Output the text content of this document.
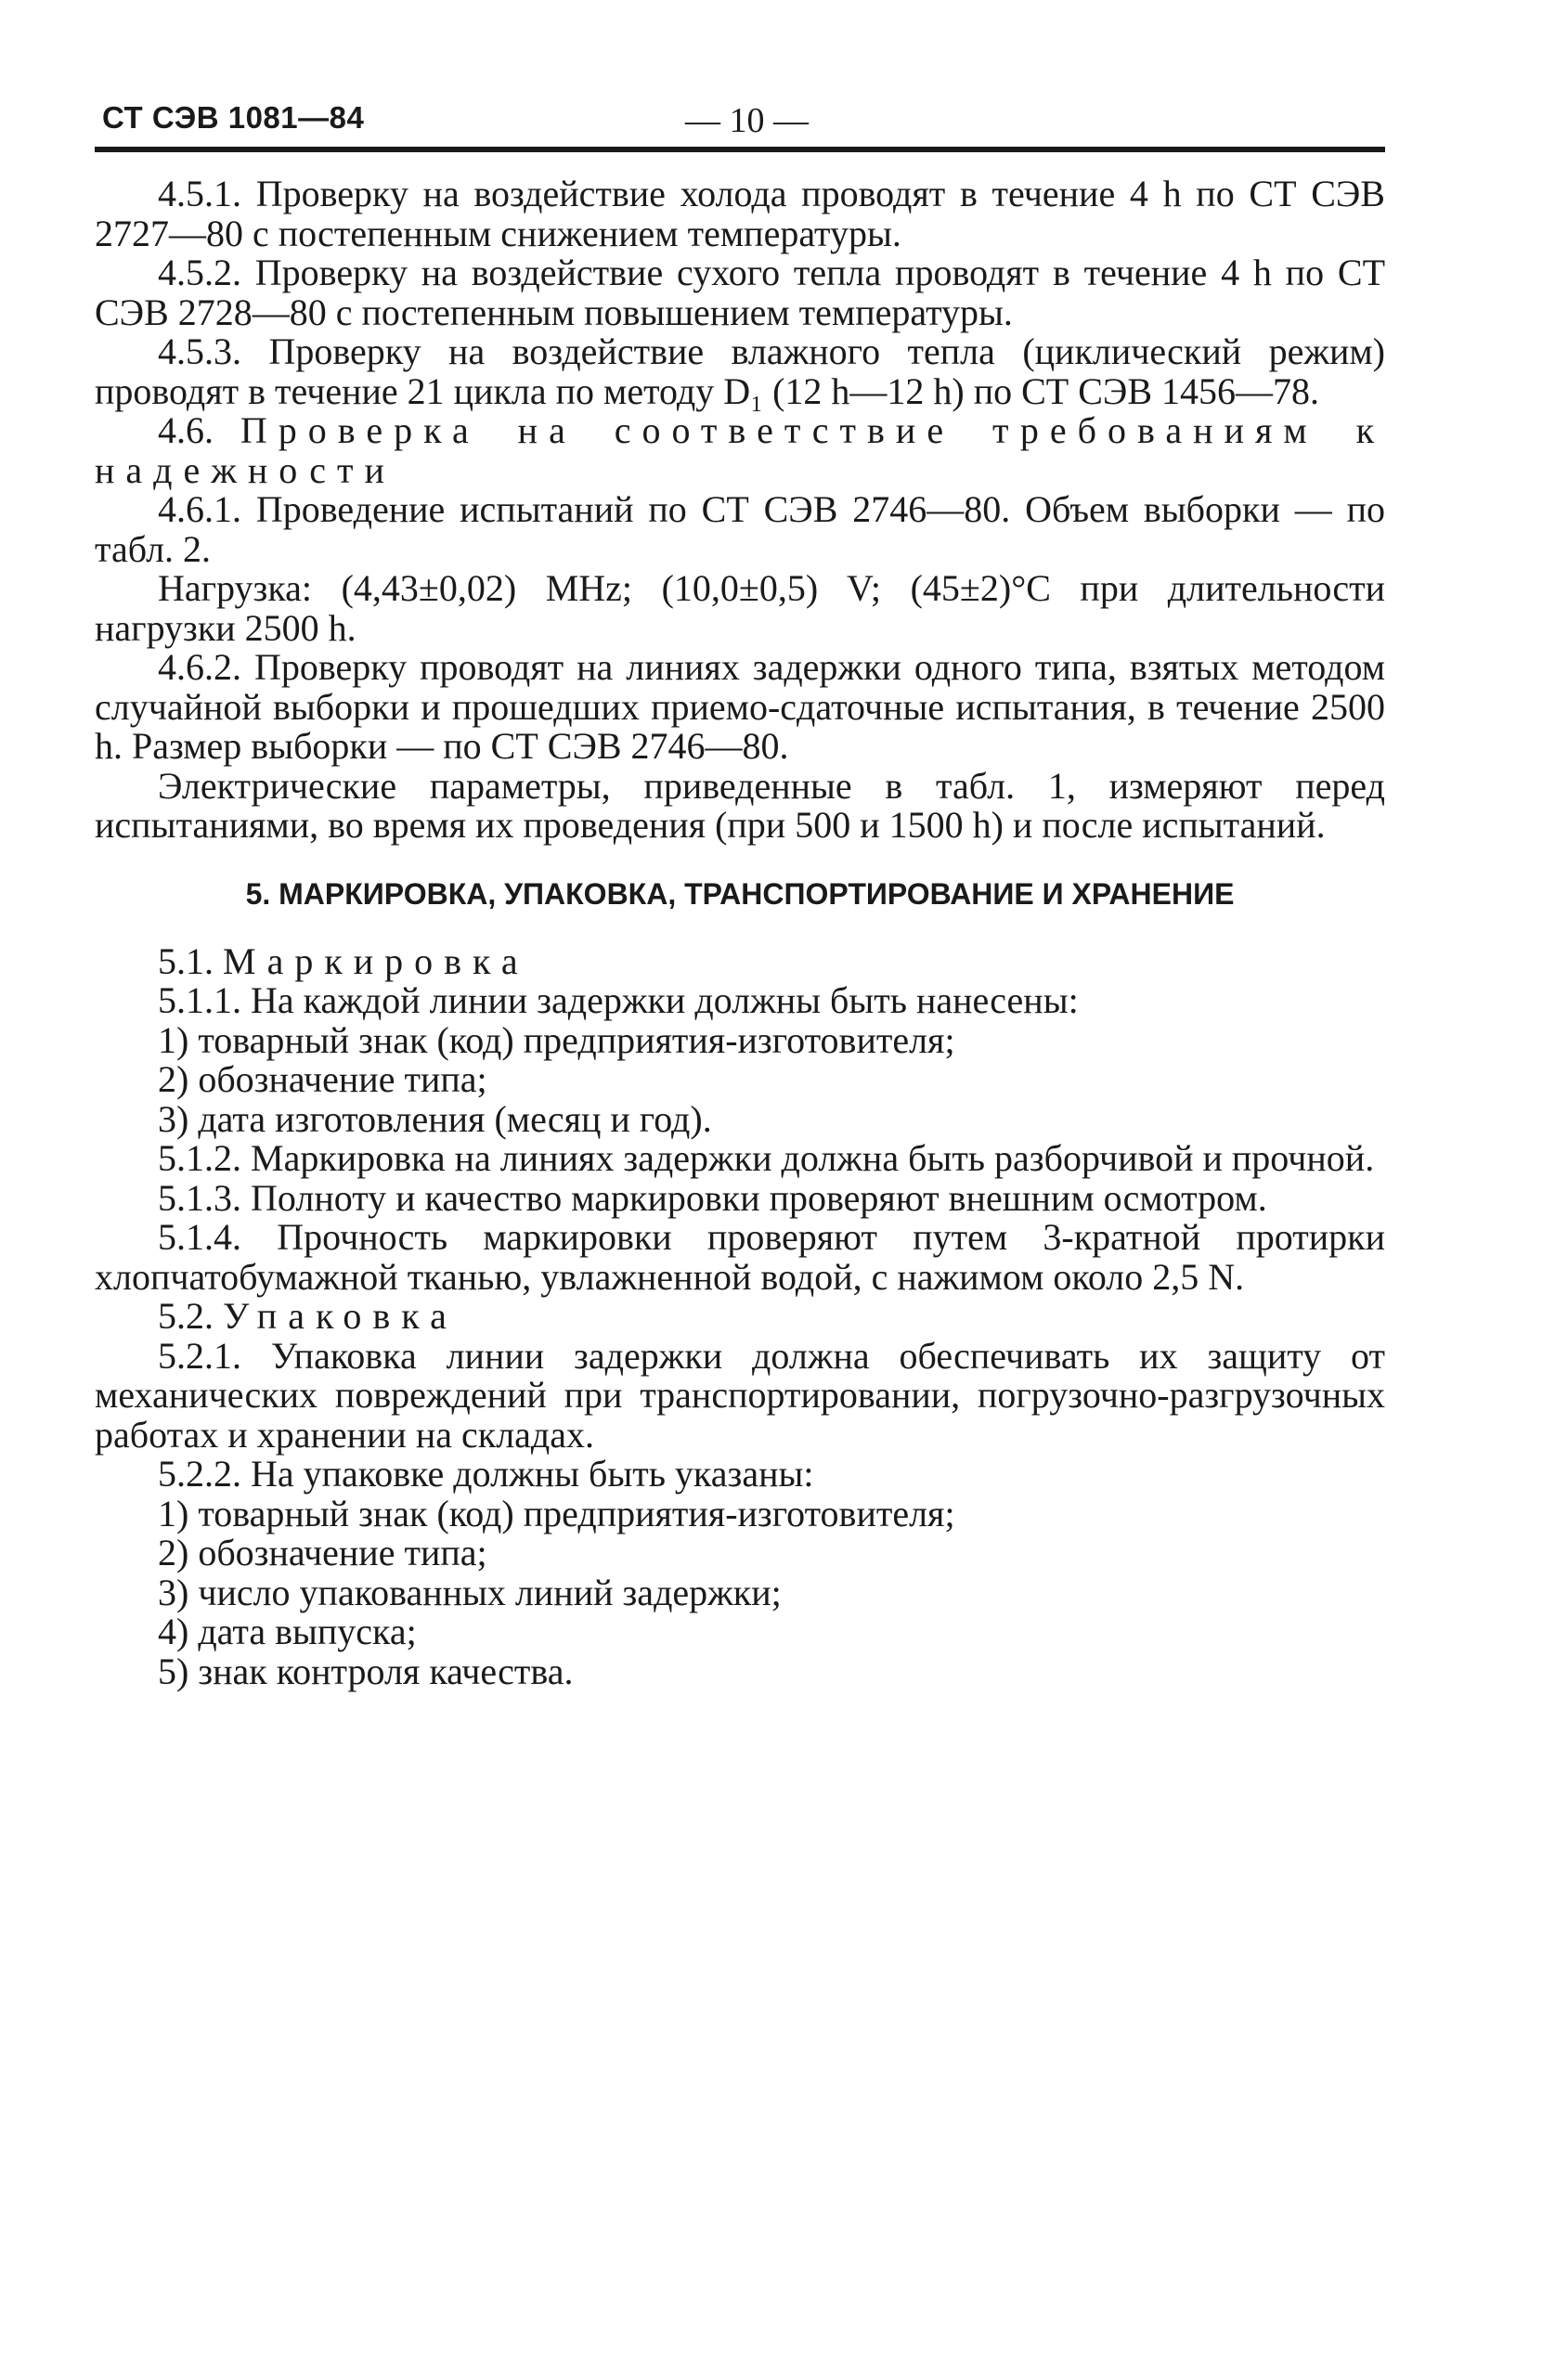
СТ СЭВ 1081—84	— 10 —

4.5.1. Проверку на воздействие холода проводят в течение 4 h по СТ СЭВ 2727—80 с постепенным снижением температуры.

4.5.2. Проверку на воздействие сухого тепла проводят в течение 4 h по СТ СЭВ 2728—80 с постепенным повышением температуры.

4.5.3. Проверку на воздействие влажного тепла (циклический режим) проводят в течение 21 цикла по методу D₁ (12 h—12 h) по СТ СЭВ 1456—78.

4.6. Проверка на соответствие требованиям к надежности

4.6.1. Проведение испытаний по СТ СЭВ 2746—80. Объем выборки — по табл. 2.

Нагрузка: (4,43±0,02) MHz; (10,0±0,5) V; (45±2)°С при длительности нагрузки 2500 h.

4.6.2. Проверку проводят на линиях задержки одного типа, взятых методом случайной выборки и прошедших приемо-сдаточные испытания, в течение 2500 h. Размер выборки — по СТ СЭВ 2746—80.

Электрические параметры, приведенные в табл. 1, измеряют перед испытаниями, во время их проведения (при 500 и 1500 h) и после испытаний.

5. МАРКИРОВКА, УПАКОВКА, ТРАНСПОРТИРОВАНИЕ И ХРАНЕНИЕ

5.1. Маркировка

5.1.1. На каждой линии задержки должны быть нанесены:

1) товарный знак (код) предприятия-изготовителя;

2) обозначение типа;

3) дата изготовления (месяц и год).

5.1.2. Маркировка на линиях задержки должна быть разборчивой и прочной.

5.1.3. Полноту и качество маркировки проверяют внешним осмотром.

5.1.4. Прочность маркировки проверяют путем 3-кратной протирки хлопчатобумажной тканью, увлажненной водой, с нажимом около 2,5 N.

5.2. Упаковка

5.2.1. Упаковка линии задержки должна обеспечивать их защиту от механических повреждений при транспортировании, погрузочно-разгрузочных работах и хранении на складах.

5.2.2. На упаковке должны быть указаны:

1) товарный знак (код) предприятия-изготовителя;

2) обозначение типа;

3) число упакованных линий задержки;

4) дата выпуска;

5) знак контроля качества.
